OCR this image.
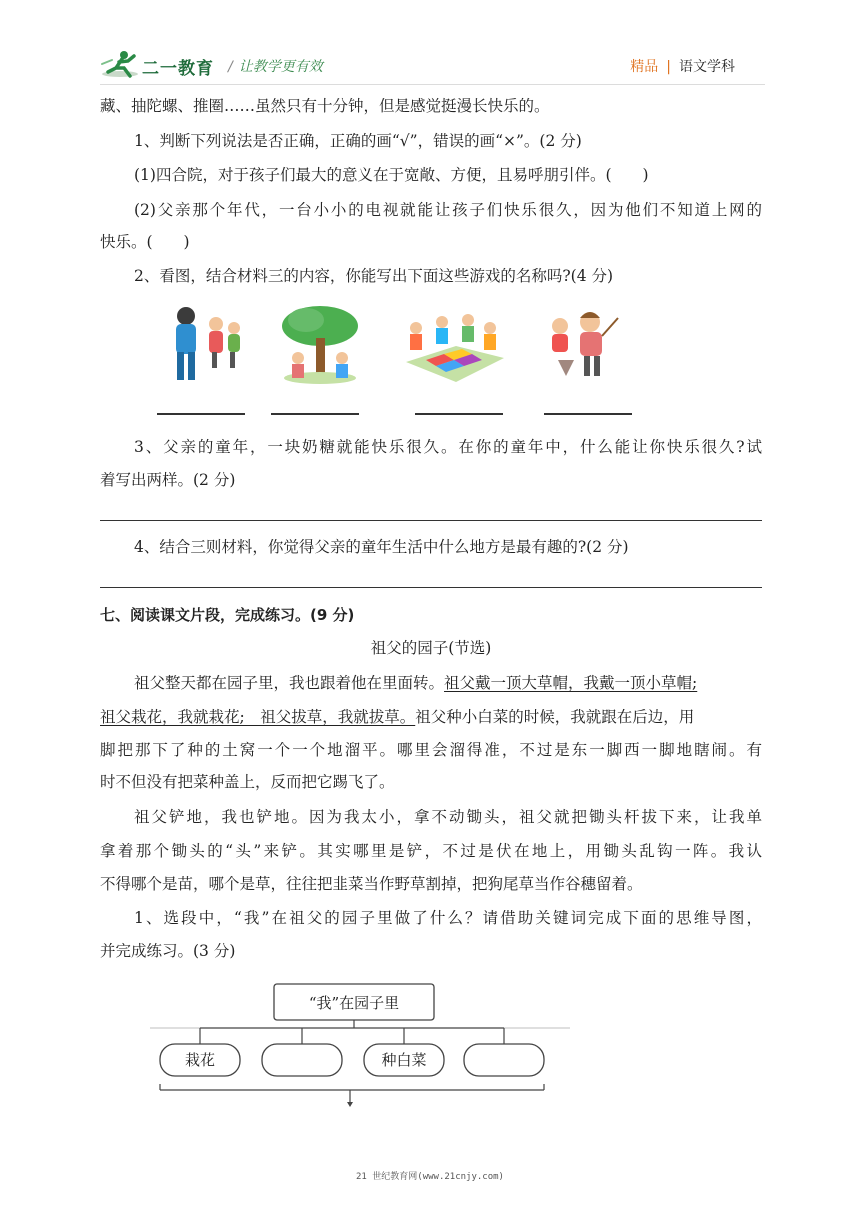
二一教育 / 让教学更有效	精品 | 语文学科
藏、抽陀螺、推圈……虽然只有十分钟，但是感觉挺漫长快乐的。
1、判断下列说法是否正确，正确的画“√”，错误的画“×”。(2 分)
(1)四合院，对于孩子们最大的意义在于宽敞、方便，且易呼朋引伴。(　　)
(2)父亲那个年代，一台小小的电视就能让孩子们快乐很久，因为他们不知道上网的
快乐。(　　)
2、看图，结合材料三的内容，你能写出下面这些游戏的名称吗?(4 分)
3、父亲的童年，一块奶糖就能快乐很久。在你的童年中，什么能让你快乐很久?试
着写出两样。(2 分)
4、结合三则材料，你觉得父亲的童年生活中什么地方是最有趣的?(2 分)
七、阅读课文片段，完成练习。(9 分)
祖父的园子(节选)
祖父整天都在园子里，我也跟着他在里面转。祖父戴一顶大草帽，我戴一顶小草帽;
祖父栽花，我就栽花;　祖父拔草，我就拔草。祖父种小白菜的时候，我就跟在后边，用
脚把那下了种的土窝一个一个地溜平。哪里会溜得准，不过是东一脚西一脚地瞎闹。有
时不但没有把菜种盖上，反而把它踢飞了。
祖父铲地，我也铲地。因为我太小，拿不动锄头，祖父就把锄头杆拔下来，让我单
拿着那个锄头的“头”来铲。其实哪里是铲，不过是伏在地上，用锄头乱钩一阵。我认
不得哪个是苗，哪个是草，往往把韭菜当作野草割掉，把狗尾草当作谷穗留着。
1、选段中，“我”在祖父的园子里做了什么？请借助关键词完成下面的思维导图，
并完成练习。(3 分)
“我”在园子里
栽花	种白菜
21 世纪教育网(www.21cnjy.com)
